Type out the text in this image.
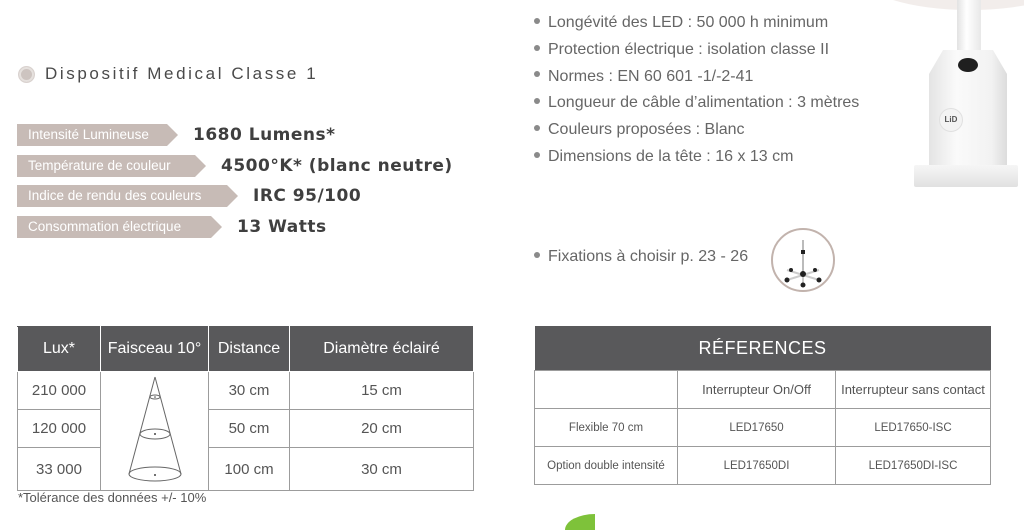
LiD
Dispositif Medical Classe 1
Intensité Lumineuse	1680 Lumens*
Température de couleur	4500°K* (blanc neutre)
Indice de rendu des couleurs	IRC 95/100
Consommation électrique	13 Watts
Longévité des LED : 50 000 h minimum
Protection électrique : isolation classe II
Normes : EN 60 601 -1/-2-41
Longueur de câble d’alimentation : 3 mètres
Couleurs proposées : Blanc
Dimensions de la tête : 16 x 13 cm
Fixations à choisir p. 23 - 26
Lux*	Faisceau 10°	Distance	Diamètre éclairé
210 000		30 cm	15 cm
120 000		50 cm	20 cm
33 000		100 cm	30 cm
*Tolérance des données +/- 10%
RÉFERENCES		
	Interrupteur On/Off	Interrupteur sans contact
Flexible 70 cm	LED17650	LED17650-ISC
Option double intensité	LED17650DI	LED17650DI-ISC
